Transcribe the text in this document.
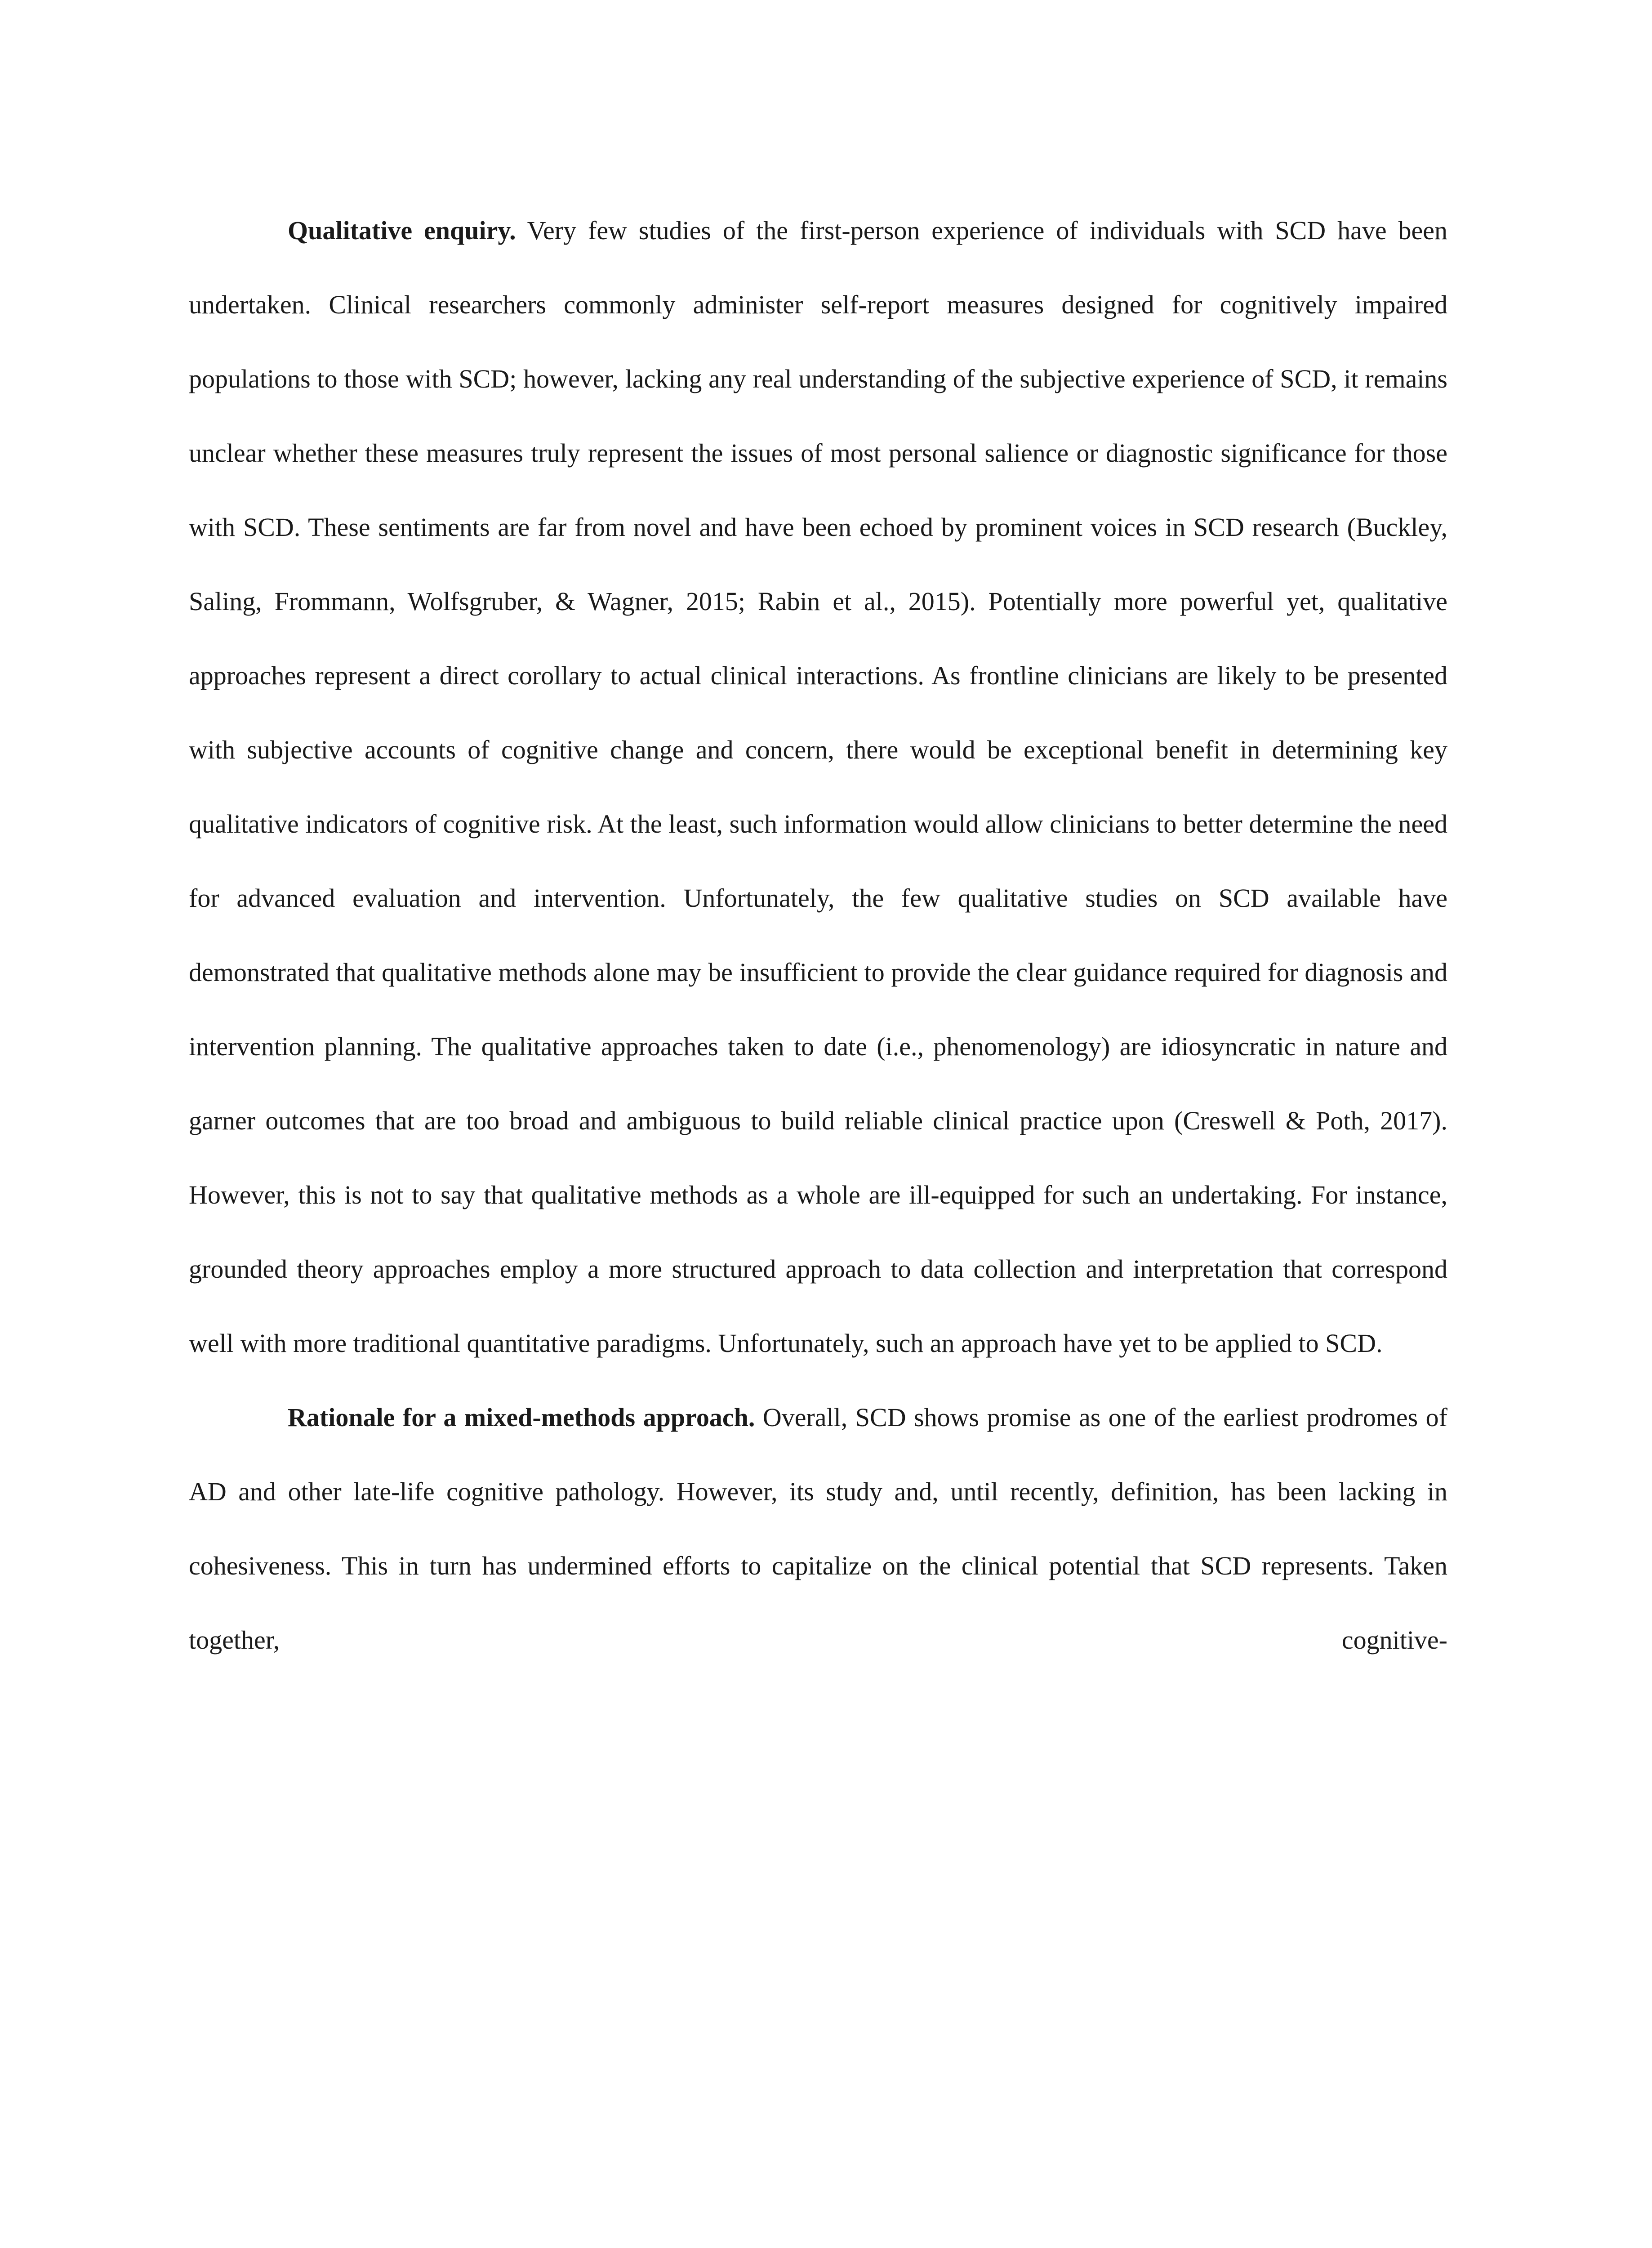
Qualitative enquiry. Very few studies of the first-person experience of individuals with SCD have been undertaken. Clinical researchers commonly administer self-report measures designed for cognitively impaired populations to those with SCD; however, lacking any real understanding of the subjective experience of SCD, it remains unclear whether these measures truly represent the issues of most personal salience or diagnostic significance for those with SCD. These sentiments are far from novel and have been echoed by prominent voices in SCD research (Buckley, Saling, Frommann, Wolfsgruber, & Wagner, 2015; Rabin et al., 2015). Potentially more powerful yet, qualitative approaches represent a direct corollary to actual clinical interactions. As frontline clinicians are likely to be presented with subjective accounts of cognitive change and concern, there would be exceptional benefit in determining key qualitative indicators of cognitive risk. At the least, such information would allow clinicians to better determine the need for advanced evaluation and intervention. Unfortunately, the few qualitative studies on SCD available have demonstrated that qualitative methods alone may be insufficient to provide the clear guidance required for diagnosis and intervention planning. The qualitative approaches taken to date (i.e., phenomenology) are idiosyncratic in nature and garner outcomes that are too broad and ambiguous to build reliable clinical practice upon (Creswell & Poth, 2017). However, this is not to say that qualitative methods as a whole are ill-equipped for such an undertaking. For instance, grounded theory approaches employ a more structured approach to data collection and interpretation that correspond well with more traditional quantitative paradigms. Unfortunately, such an approach have yet to be applied to SCD.

Rationale for a mixed-methods approach. Overall, SCD shows promise as one of the earliest prodromes of AD and other late-life cognitive pathology. However, its study and, until recently, definition, has been lacking in cohesiveness. This in turn has undermined efforts to capitalize on the clinical potential that SCD represents. Taken together, cognitive-
